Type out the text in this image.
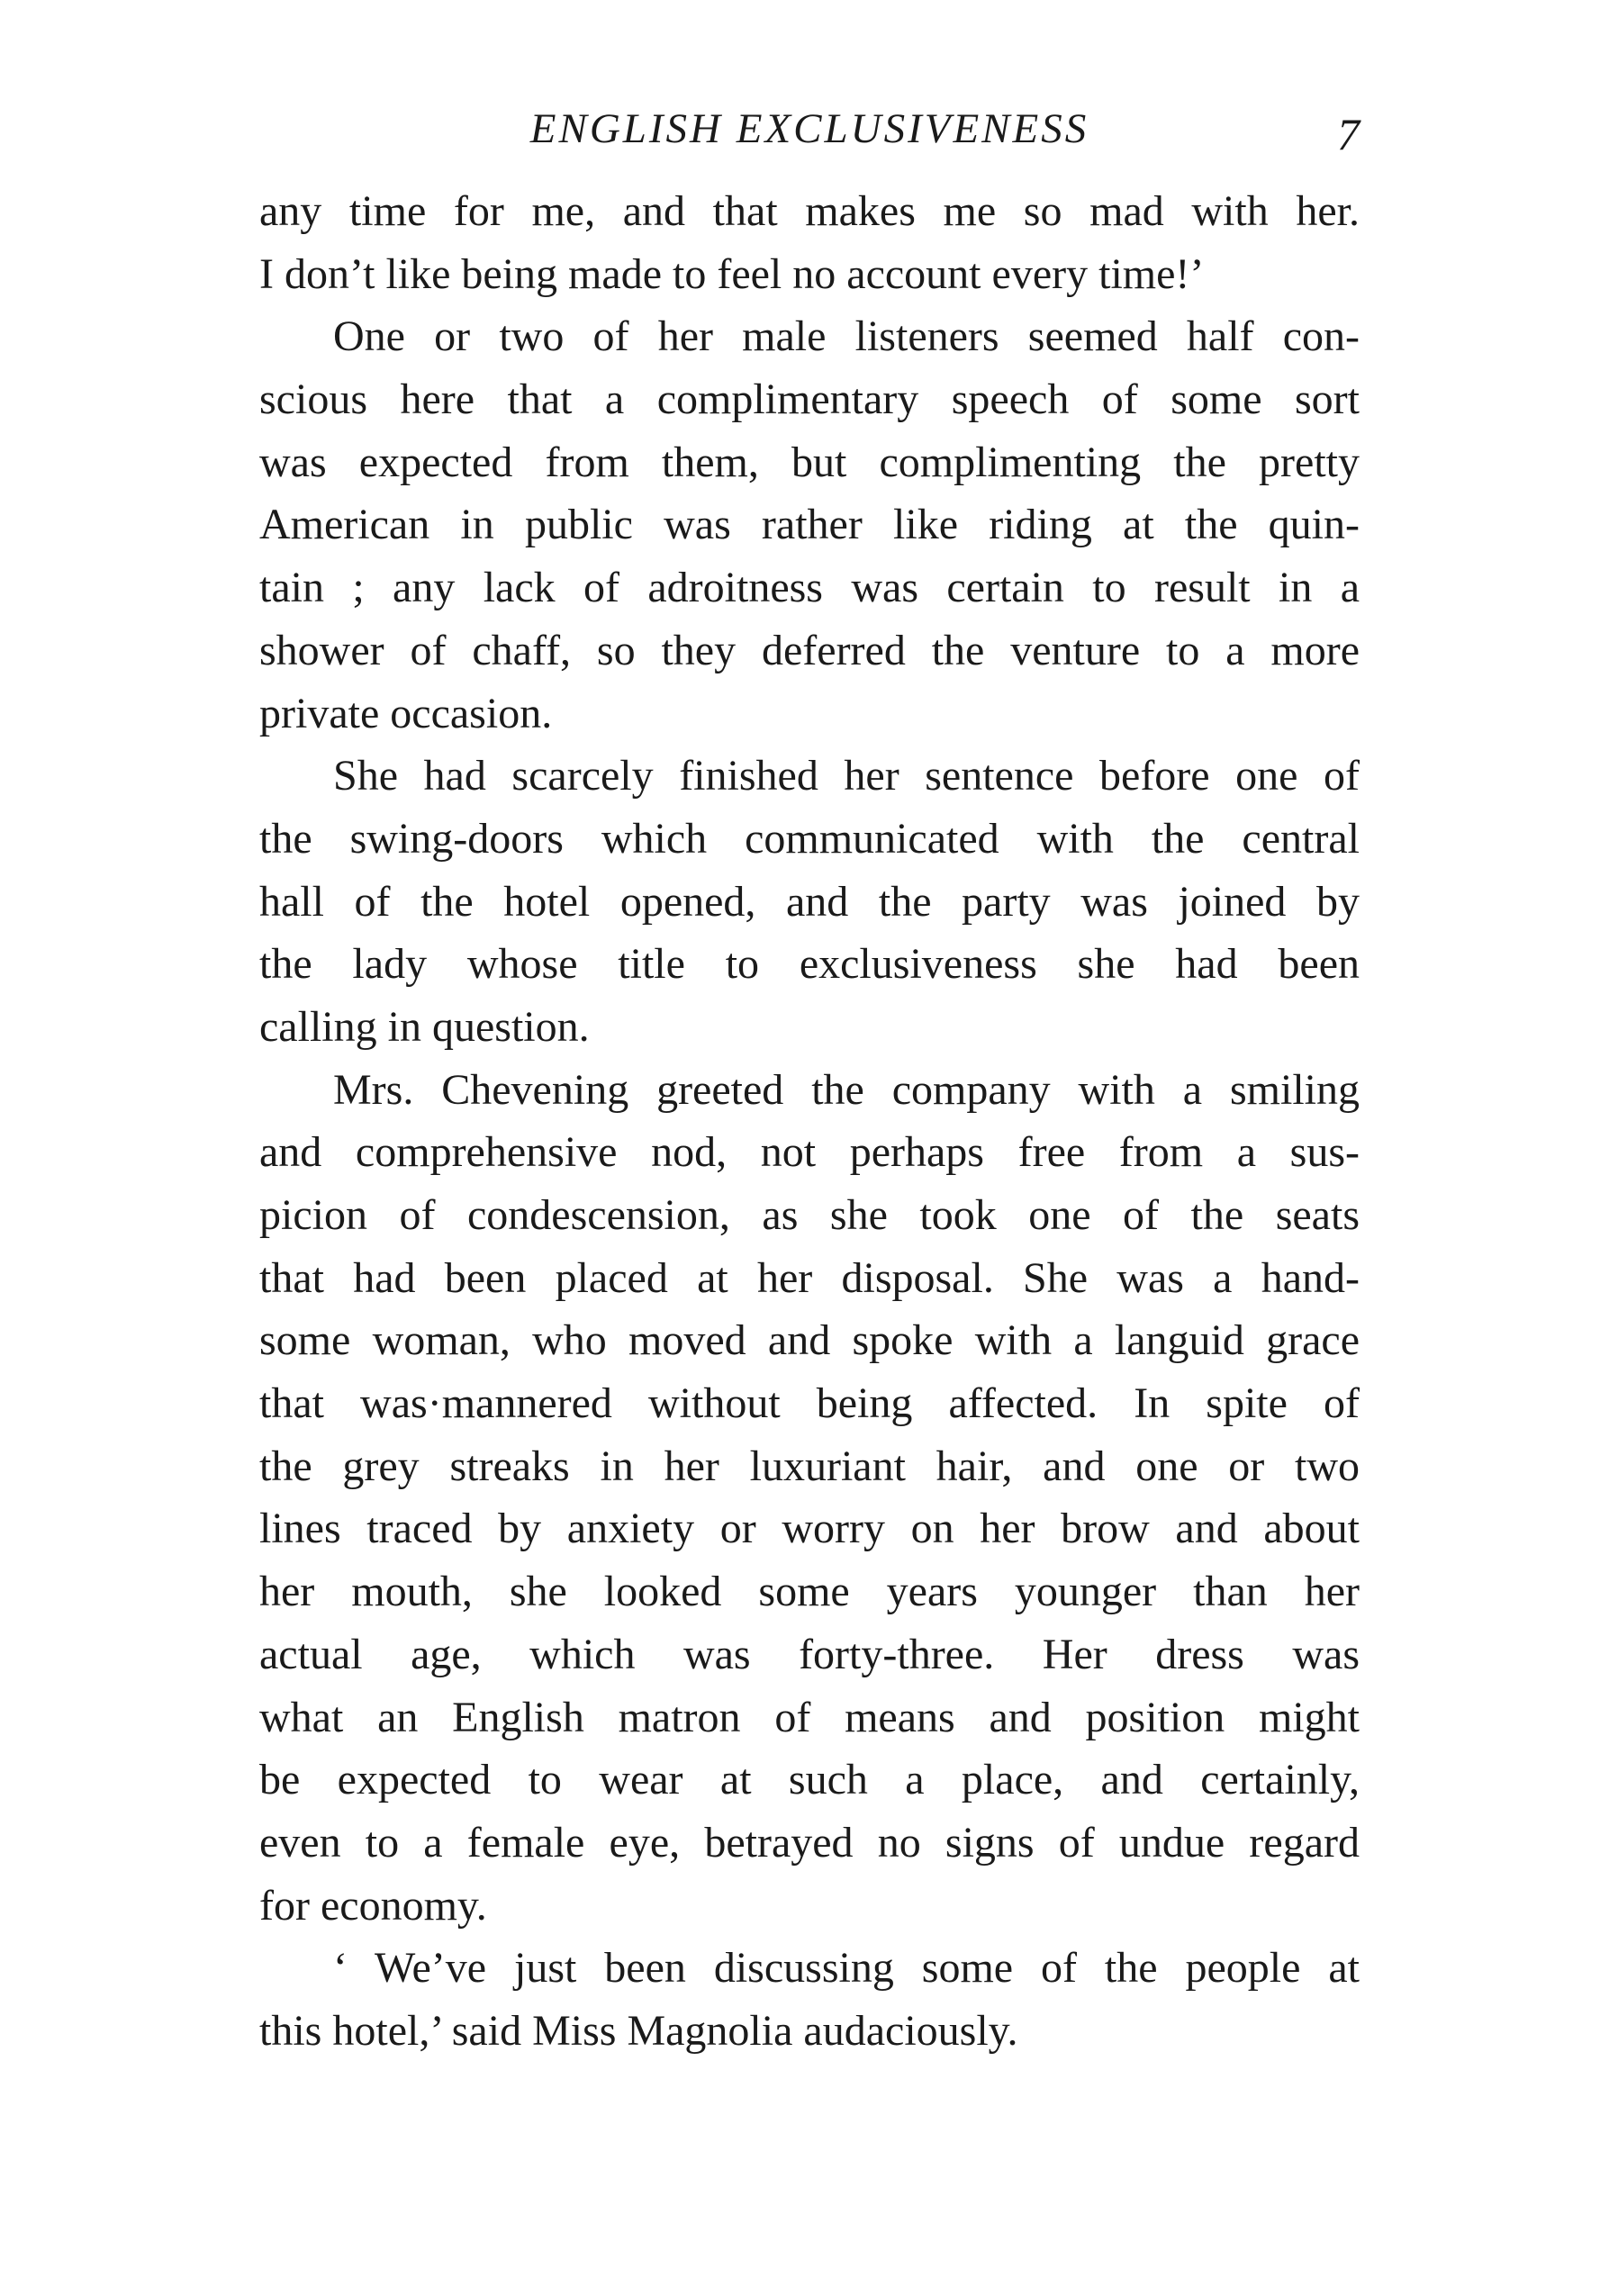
ENGLISH EXCLUSIVENESS	7
any time for me, and that makes me so mad with her.
I don’t like being made to feel no account every time!’
One or two of her male listeners seemed half con-
scious here that a complimentary speech of some sort
was expected from them, but complimenting the pretty
American in public was rather like riding at the quin-
tain ; any lack of adroitness was certain to result in a
shower of chaff, so they deferred the venture to a more
private occasion.
She had scarcely finished her sentence before one of
the swing-doors which communicated with the central
hall of the hotel opened, and the party was joined by
the lady whose title to exclusiveness she had been
calling in question.
Mrs. Chevening greeted the company with a smiling
and comprehensive nod, not perhaps free from a sus-
picion of condescension, as she took one of the seats
that had been placed at her disposal. She was a hand-
some woman, who moved and spoke with a languid grace
that was·mannered without being affected. In spite of
the grey streaks in her luxuriant hair, and one or two
lines traced by anxiety or worry on her brow and about
her mouth, she looked some years younger than her
actual age, which was forty-three. Her dress was
what an English matron of means and position might
be expected to wear at such a place, and certainly,
even to a female eye, betrayed no signs of undue regard
for economy.
‘ We’ve just been discussing some of the people at
this hotel,’ said Miss Magnolia audaciously.
